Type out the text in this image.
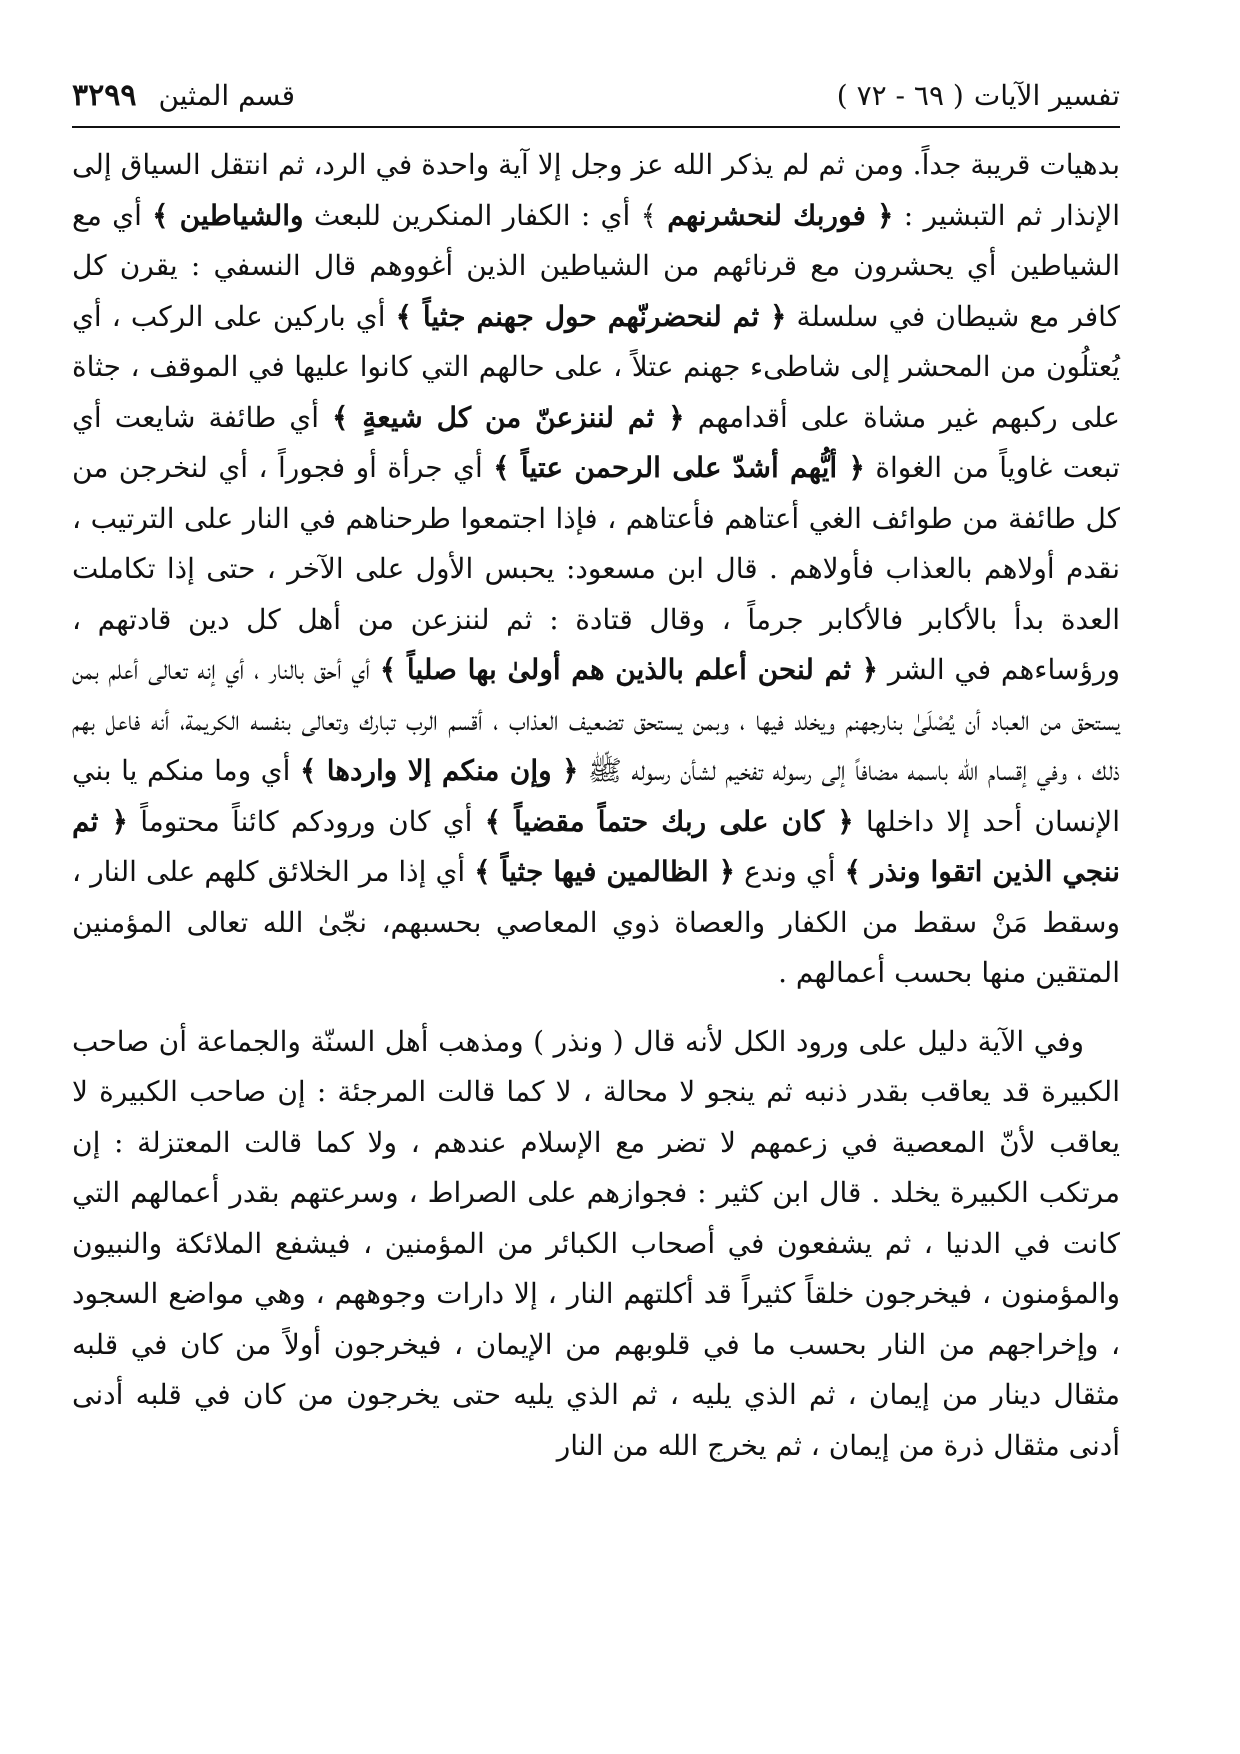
تفسير الآيات
( ٦٩ - ٧٢ )
قسم المثين
٣٢٩٩

بدهيات قريبة جداً. ومن ثم لم يذكر الله عز وجل إلا آية واحدة في الرد، ثم انتقل السياق إلى الإنذار ثم التبشير : ﴿ فوربك لنحشرنهم ﴾ أي : الكفار المنكرين للبعث والشياطين ﴾ أي مع الشياطين أي يحشرون مع قرنائهم من الشياطين الذين أغووهم قال النسفي : يقرن كل كافر مع شيطان في سلسلة ﴿ ثم لنحضرنّهم حول جهنم جثياً ﴾ أي باركين على الركب ، أي يُعتلُون من المحشر إلى شاطىء جهنم عتلاً ، على حالهم التي كانوا عليها في الموقف ، جثاة على ركبهم غير مشاة على أقدامهم ﴿ ثم لننزعنّ من كل شيعةٍ ﴾ أي طائفة شايعت أي تبعت غاوياً من الغواة ﴿ أيُّهم أشدّ على الرحمن عتياً ﴾ أي جرأة أو فجوراً ، أي لنخرجن من كل طائفة من طوائف الغي أعتاهم فأعتاهم ، فإذا اجتمعوا طرحناهم في النار على الترتيب ، نقدم أولاهم بالعذاب فأولاهم . قال ابن مسعود: يحبس الأول على الآخر ، حتى إذا تكاملت العدة بدأ بالأكابر فالأكابر جرماً ، وقال قتادة : ثم لننزعن من أهل كل دين قادتهم ، ورؤساءهم في الشر ﴿ ثم لنحن أعلم بالذين هم أولىٰ بها صلياً ﴾ أي أحق بالنار ، أي إنه تعالى أعلم بمن يستحق من العباد أن يُصْلَىٰ بنارجهنم ويخلد فيها ، وبمن يستحق تضعيف العذاب ، أقسم الرب تبارك وتعالى بنفسه الكريمة، أنه فاعل بهم ذلك ، وفي إقسام الله باسمه مضافاً إلى رسوله تفخيم لشأن رسوله ﷺ ﴿ وإن منكم إلا واردها ﴾ أي وما منكم يا بني الإنسان أحد إلا داخلها ﴿ كان على ربك حتماً مقضياً ﴾ أي كان ورودكم كائناً محتوماً ﴿ ثم ننجي الذين اتقوا ونذر ﴾ أي وندع ﴿ الظالمين فيها جثياً ﴾ أي إذا مر الخلائق كلهم على النار ، وسقط مَنْ سقط من الكفار والعصاة ذوي المعاصي بحسبهم، نجّىٰ الله تعالى المؤمنين المتقين منها بحسب أعمالهم .

وفي الآية دليل على ورود الكل لأنه قال ( ونذر ) ومذهب أهل السنّة والجماعة أن صاحب الكبيرة قد يعاقب بقدر ذنبه ثم ينجو لا محالة ، لا كما قالت المرجئة : إن صاحب الكبيرة لا يعاقب لأنّ المعصية في زعمهم لا تضر مع الإسلام عندهم ، ولا كما قالت المعتزلة : إن مرتكب الكبيرة يخلد . قال ابن كثير : فجوازهم على الصراط ، وسرعتهم بقدر أعمالهم التي كانت في الدنيا ، ثم يشفعون في أصحاب الكبائر من المؤمنين ، فيشفع الملائكة والنبيون والمؤمنون ، فيخرجون خلقاً كثيراً قد أكلتهم النار ، إلا دارات وجوههم ، وهي مواضع السجود ، وإخراجهم من النار بحسب ما في قلوبهم من الإيمان ، فيخرجون أولاً من كان في قلبه مثقال دينار من إيمان ، ثم الذي يليه ، ثم الذي يليه حتى يخرجون من كان في قلبه أدنى أدنى مثقال ذرة من إيمان ، ثم يخرج الله من النار
